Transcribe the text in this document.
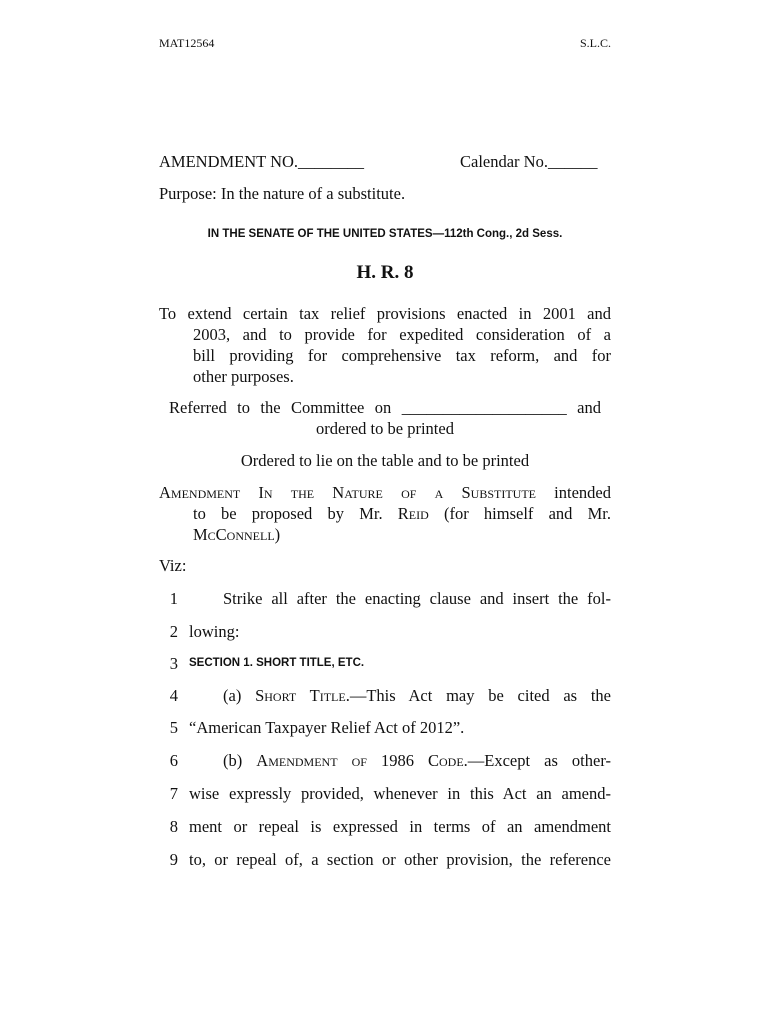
MAT12564	S.L.C.
AMENDMENT NO.________	Calendar No.______
Purpose: In the nature of a substitute.
IN THE SENATE OF THE UNITED STATES—112th Cong., 2d Sess.
H. R. 8
To extend certain tax relief provisions enacted in 2001 and
2003, and to provide for expedited consideration of a
bill providing for comprehensive tax reform, and for
other purposes.
Referred to the Committee on ____________________ and
ordered to be printed
Ordered to lie on the table and to be printed
Amendment In the Nature of a Substitute intended
to be proposed by Mr. Reid (for himself and Mr.
McConnell)
Viz:
1	Strike all after the enacting clause and insert the fol-
2 lowing:
3 SECTION 1. SHORT TITLE, ETC.
4	(a) Short Title.—This Act may be cited as the
5 “American Taxpayer Relief Act of 2012”.
6	(b) Amendment of 1986 Code.—Except as other-
7 wise expressly provided, whenever in this Act an amend-
8 ment or repeal is expressed in terms of an amendment
9 to, or repeal of, a section or other provision, the reference
